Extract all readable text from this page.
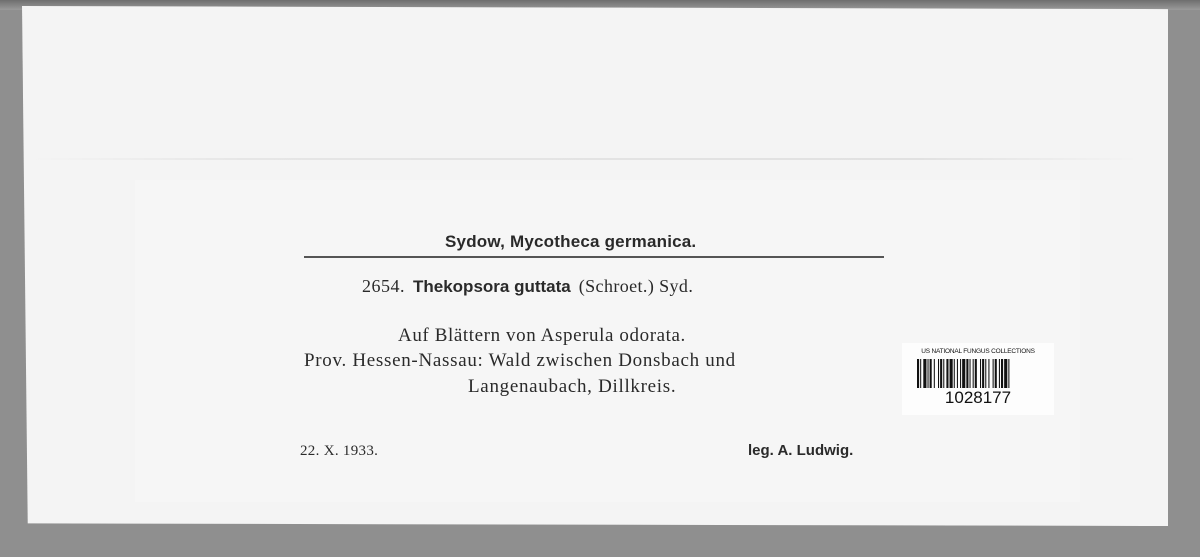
Sydow, Mycotheca germanica.
2654. Thekopsora guttata (Schroet.) Syd.
Auf Blättern von Asperula odorata.
Prov. Hessen-Nassau: Wald zwischen Donsbach und
Langenaubach, Dillkreis.
22. X. 1933.	leg. A. Ludwig.
US NATIONAL FUNGUS COLLECTIONS
1028177
